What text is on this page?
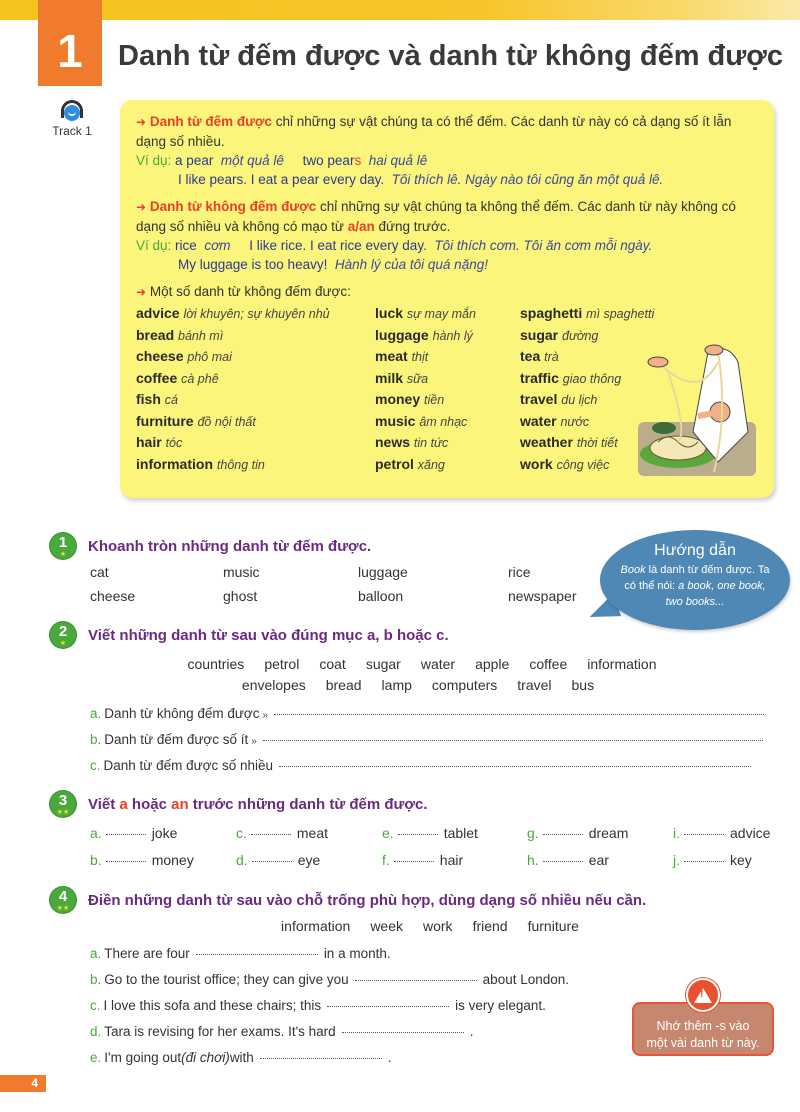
1 Danh từ đếm được và danh từ không đếm được
Track 1
➜ Danh từ đếm được chỉ những sự vật chúng ta có thể đếm. Các danh từ này có cả dạng số ít lẫn
dạng số nhiều.
Ví dụ: a pear một quả lê two pears hai quả lê
I like pears. I eat a pear every day. Tôi thích lê. Ngày nào tôi cũng ăn một quả lê.
➜ Danh từ không đếm được chỉ những sự vật chúng ta không thể đếm. Các danh từ này không có
dạng số nhiều và không có mạo từ a/an đứng trước.
Ví dụ: rice cơm I like rice. I eat rice every day. Tôi thích cơm. Tôi ăn cơm mỗi ngày.
My luggage is too heavy! Hành lý của tôi quá nặng!
➜ Một số danh từ không đếm được:
advice lời khuyên; sự khuyên nhủ
bread bánh mì
cheese phô mai
coffee cà phê
fish cá
furniture đồ nội thất
hair tóc
information thông tin
luck sự may mắn
luggage hành lý
meat thịt
milk sữa
money tiền
music âm nhạc
news tin tức
petrol xăng
spaghetti mì spaghetti
sugar đường
tea trà
traffic giao thông
travel du lịch
water nước
weather thời tiết
work công việc
1
★	Khoanh tròn những danh từ đếm được.
cat	music	luggage	rice
cheese	ghost	balloon	newspaper
Hướng dẫn
Book là danh từ đếm được. Ta có thể nói: a book, one book, two books...
2
★	Viết những danh từ sau vào đúng mục a, b hoặc c.
countries petrol coat sugar water apple coffee information
envelopes bread lamp computers travel bus
a. Danh từ không đếm được »
b. Danh từ đếm được số ít »
c. Danh từ đếm được số nhiều
3
★★	Viết a hoặc an trước những danh từ đếm được.
a.	joke
b.	money
c.	meat
d.	eye
e.	tablet
f.	hair
g.	dream
h.	ear
i.	advice
j.	key
4
★★	Điền những danh từ sau vào chỗ trống phù hợp, dùng dạng số nhiều nếu cần.
information week work friend furniture
a. There are four	in a month.
b. Go to the tourist office; they can give you	about London.
c. I love this sofa and these chairs; this	is very elegant.
d. Tara is revising for her exams. It's hard	.
e. I'm going out (đi chơi) with	.
Nhớ thêm -s vào
một vài danh từ này.
!
4
